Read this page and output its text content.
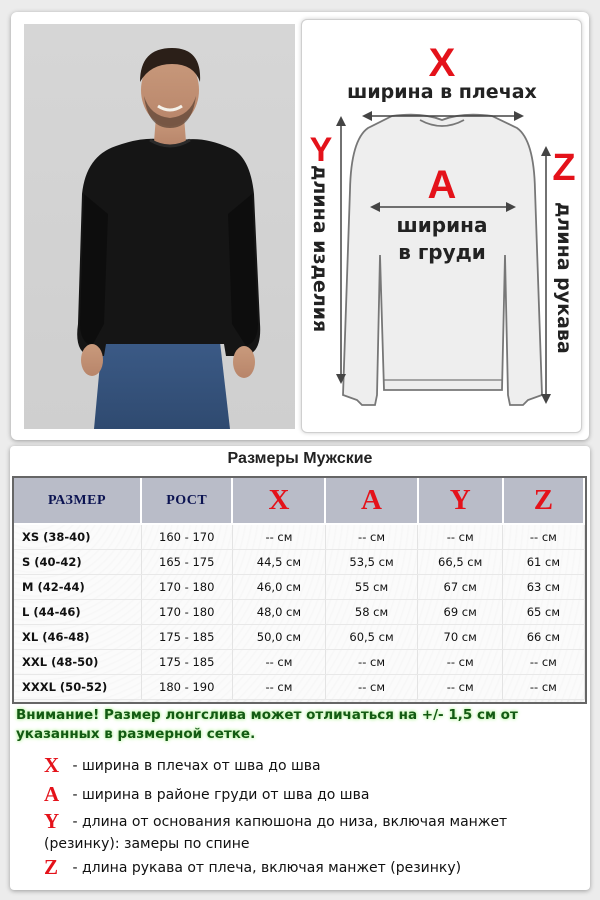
X
ширина в плечах
A
ширина
в груди
Y
длина изделия	Z
длина рукава
Размеры Мужские
РАЗМЕР	РОСТ	X	A	Y	Z
XS (38-40)	160 - 170	-- см	-- см	-- см	-- см
S (40-42)	165 - 175	44,5 см	53,5 см	66,5 см	61 см
M (42-44)	170 - 180	46,0 см	55 см	67 см	63 см
L (44-46)	170 - 180	48,0 см	58 см	69 см	65 см
XL (46-48)	175 - 185	50,0 см	60,5 см	70 см	66 см
XXL (48-50)	175 - 185	-- см	-- см	-- см	-- см
XXXL (50-52)	180 - 190	-- см	-- см	-- см	-- см
Внимание! Размер лонгслива может отличаться на +/- 1,5 см от указанных в размерной сетке.
X - ширина в плечах от шва до шва
A - ширина в районе груди от шва до шва
Y - длина от основания капюшона до низа, включая манжет (резинку): замеры по спине
Z - длина рукава от плеча, включая манжет (резинку)
